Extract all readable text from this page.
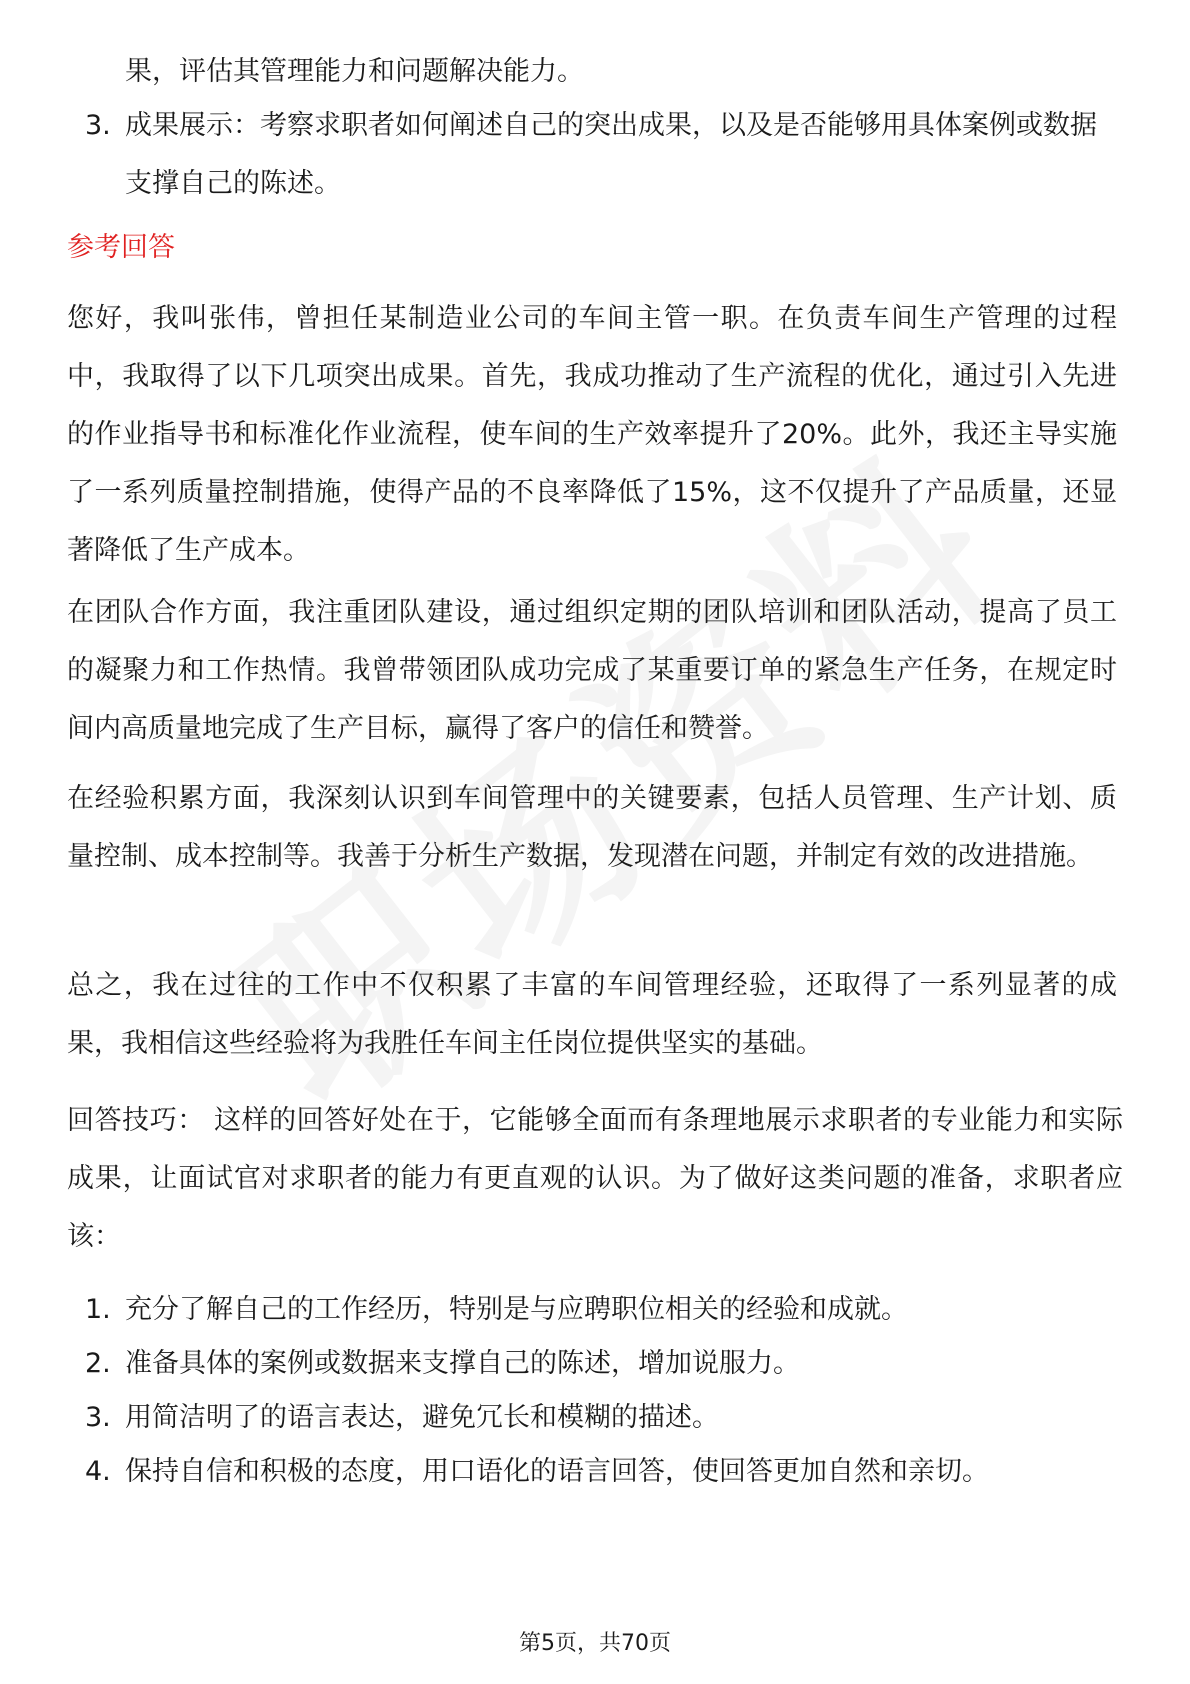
果，评估其管理能力和问题解决能力。
3. 成果展示：考察求职者如何阐述自己的突出成果，以及是否能够用具体案例或数据支撑自己的陈述。
参考回答

您好，我叫张伟，曾担任某制造业公司的车间主管一职。在负责车间生产管理的过程中，我取得了以下几项突出成果。首先，我成功推动了生产流程的优化，通过引入先进的作业指导书和标准化作业流程，使车间的生产效率提升了20%。此外，我还主导实施了一系列质量控制措施，使得产品的不良率降低了15%，这不仅提升了产品质量，还显著降低了生产成本。

在团队合作方面，我注重团队建设，通过组织定期的团队培训和团队活动，提高了员工的凝聚力和工作热情。我曾带领团队成功完成了某重要订单的紧急生产任务，在规定时间内高质量地完成了生产目标，赢得了客户的信任和赞誉。

在经验积累方面，我深刻认识到车间管理中的关键要素，包括人员管理、生产计划、质量控制、成本控制等。我善于分析生产数据，发现潜在问题，并制定有效的改进措施。

总之，我在过往的工作中不仅积累了丰富的车间管理经验，还取得了一系列显著的成果，我相信这些经验将为我胜任车间主任岗位提供坚实的基础。

回答技巧： 这样的回答好处在于，它能够全面而有条理地展示求职者的专业能力和实际成果，让面试官对求职者的能力有更直观的认识。为了做好这类问题的准备，求职者应该：

1. 充分了解自己的工作经历，特别是与应聘职位相关的经验和成就。
2. 准备具体的案例或数据来支撑自己的陈述，增加说服力。
3. 用简洁明了的语言表达，避免冗长和模糊的描述。
4. 保持自信和积极的态度，用口语化的语言回答，使回答更加自然和亲切。
第5页，共70页
